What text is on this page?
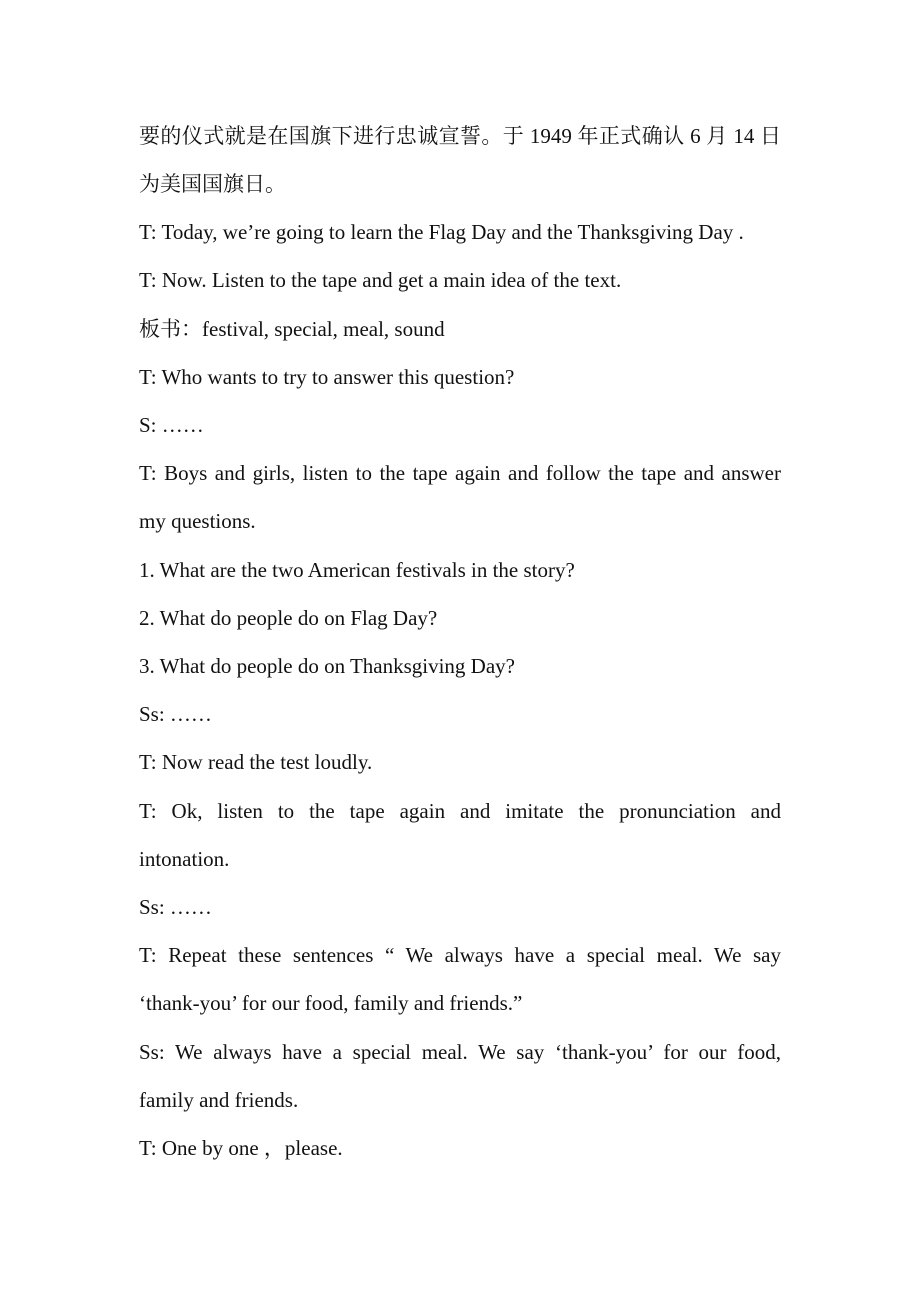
要的仪式就是在国旗下进行忠诚宣誓。于 1949 年正式确认 6 月 14 日
为美国国旗日。
T: Today, we’re going to learn the Flag Day and the Thanksgiving Day .
T: Now. Listen to the tape and get a main idea of the text.
板书：festival, special, meal, sound
T: Who wants to try to answer this question?
S: ……
T: Boys and girls, listen to the tape again and follow the tape and answer
my questions.
1. What are the two American festivals in the story?
2. What do people do on Flag Day?
3. What do people do on Thanksgiving Day?
Ss: ……
T: Now read the test loudly.
T: Ok, listen to the tape again and imitate the pronunciation and
intonation.
Ss: ……
T: Repeat these sentences “ We always have a special meal. We say
‘thank-you’ for our food, family and friends.”
Ss: We always have a special meal. We say ‘thank-you’ for our food,
family and friends.
T: One by one ，please.
